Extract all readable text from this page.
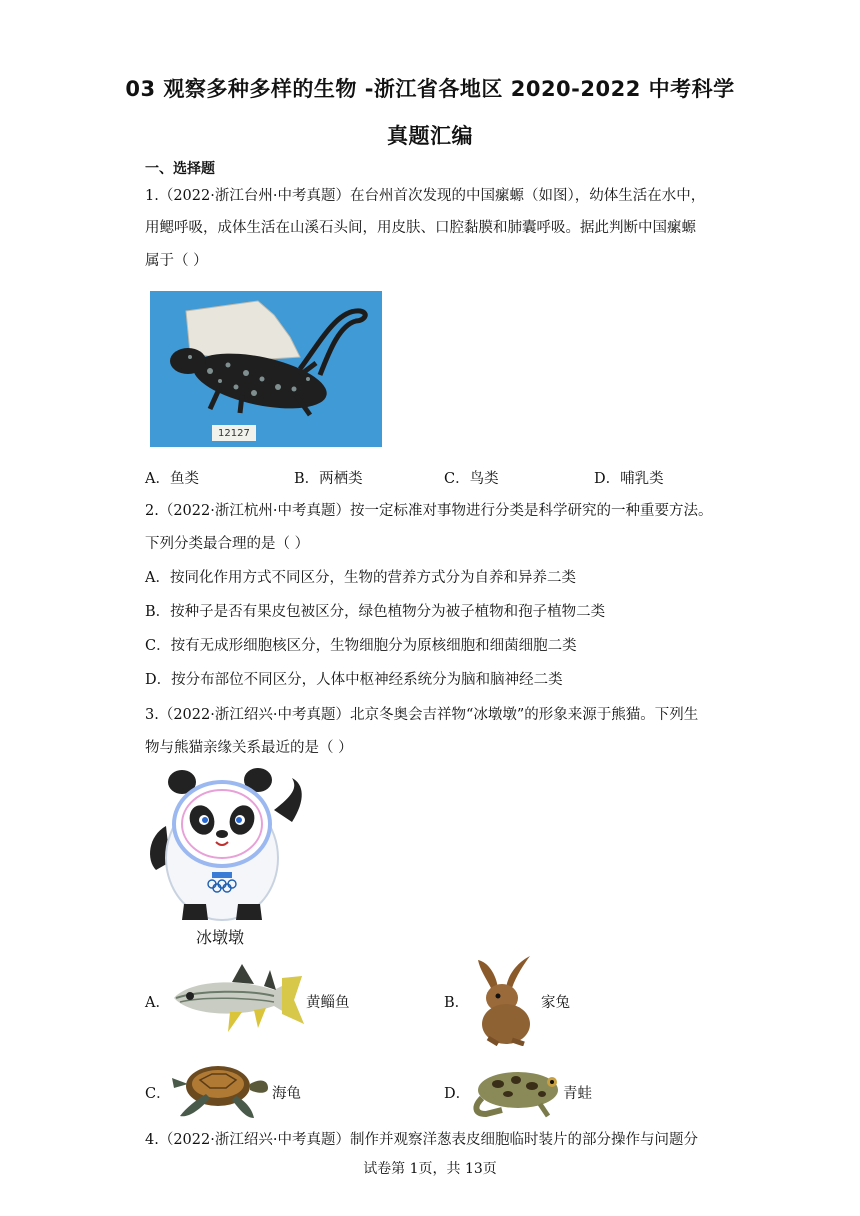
03 观察多种多样的生物 -浙江省各地区 2020-2022 中考科学
真题汇编
一、选择题
1.（2022·浙江台州·中考真题）在台州首次发现的中国瘰螈（如图），幼体生活在水中，
用鳃呼吸，成体生活在山溪石头间，用皮肤、口腔黏膜和肺囊呼吸。据此判断中国瘰螈
属于（ ）
12127
A．鱼类	B．两栖类	C．鸟类	D．哺乳类
2.（2022·浙江杭州·中考真题）按一定标准对事物进行分类是科学研究的一种重要方法。
下列分类最合理的是（ ）
A．按同化作用方式不同区分，生物的营养方式分为自养和异养二类
B．按种子是否有果皮包被区分，绿色植物分为被子植物和孢子植物二类
C．按有无成形细胞核区分，生物细胞分为原核细胞和细菌细胞二类
D．按分布部位不同区分，人体中枢神经系统分为脑和脑神经二类
3.（2022·浙江绍兴·中考真题）北京冬奥会吉祥物“冰墩墩”的形象来源于熊猫。下列生
物与熊猫亲缘关系最近的是（ ）
冰墩墩
A．	黄鲻鱼	B．	家兔
C．	海龟	D．	青蛙
4.（2022·浙江绍兴·中考真题）制作并观察洋葱表皮细胞临时装片的部分操作与问题分
试卷第 1页，共 13页
